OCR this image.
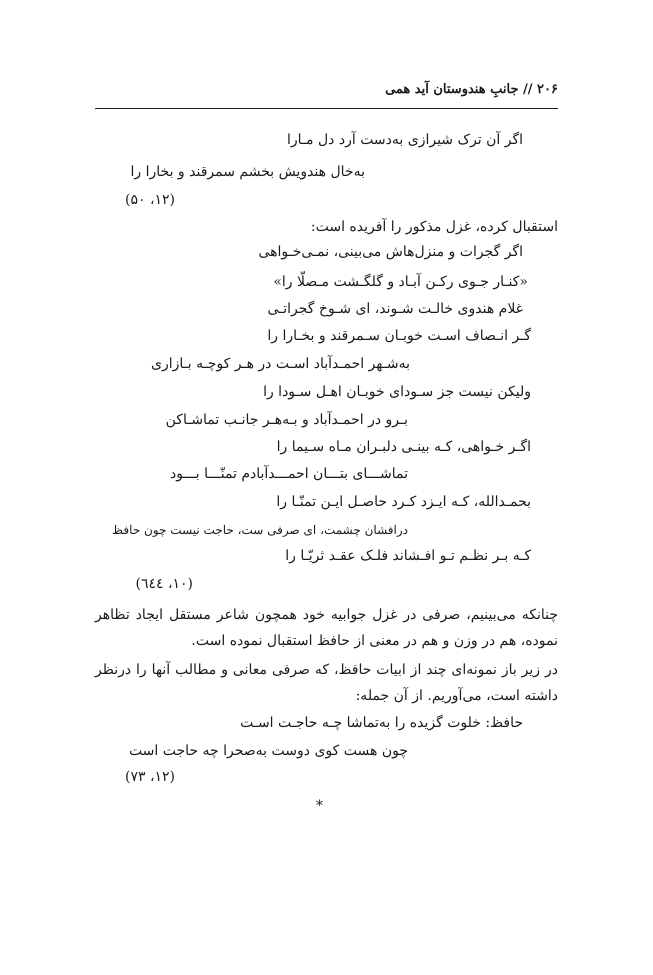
۲۰۶ // جانبِ هندوستان آید همی
اگر آن ترک شیرازی به‌دست آرد دل مـارا
به‌خال هندویش بخشم سمرقند و بخارا را
(۱۲، ۵۰)
استقبال کرده، غزل مذکور را آفریده است:
اگر گجرات و منزل‌هاش می‌بینی، نمـی‌خـواهی
«کنـار جـوی رکـن آبـاد و گلگـشت مـصلّا را»
غلام هندوی خالـت شـوند، ای شـوخ گجراتـی
گـر انـصاف اسـت خوبـان سـمرقند و بخـارا را
به‌شـهر احمـدآباد اسـت در هـر کوچـه بـازاری
ولیکن نیست جز سـودای خوبـان اهـل سـودا را
بـرو در احمـدآباد و بـه‌هـر جانـب تماشـاکن
اگـر خـواهی، کـه بینـی دلبـران مـاه سـیما را
تماشـــای بتـــان احمـــدآبادم تمنّـــا بـــود
بحمـدالله، کـه ایـزد کـرد حاصـل ایـن تمنّـا را
درافشان چشمت، ای صرفی ست، حاجت نیست چون حافظ
کـه بـر نظـم تـو افـشاند فلـک عقـد ثریّـا را
(۱۰، ٦٤٤)
چنانکه می‌بینیم، صرفی در غزل جوابیه خود همچون شاعر مستقل ایجاد تظاهر
نموده، هم در وزن و هم در معنی از حافظ استقبال نموده است.
در زیر باز نمونه‌ای چند از ابیات حافظ، که صرفی معانی و مطالب آنها را درنظر
داشته است، می‌آوریم. از آن جمله:
حافظ: خلوت گزیده را به‌تماشا چـه حاجـت اسـت
چون هست کوی دوست به‌صحرا چه حاجت است
(۱۲، ۷۳)
*
